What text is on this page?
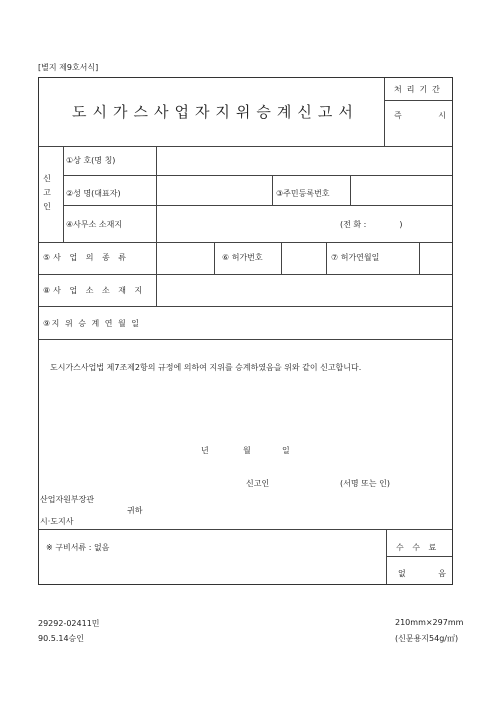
[별지 제9호서식]
도시가스사업자지위승계신고서
처리기간
즉 시
신고인
①상 호(명 칭)
②성 명(대표자)	③주민등록번호
④사무소 소재지	(전 화 :             )
⑤사 업 의 종 류	⑥ 허가번호	⑦ 허가연월일
⑧사 업 소 소 재 지
⑨지 위 승 계 연 월 일
도시가스사업법 제7조제2항의 규정에 의하여 지위를 승계하였음을 위와 같이 신고합니다.
년	월	일
신고인	(서명 또는 인)
산업자원부장관
귀하
시·도지사
※ 구비서류 : 없음	수 수 료
없 음
29292-02411민
90.5.14승인
210mm×297mm
(신문용지54g/㎡)
